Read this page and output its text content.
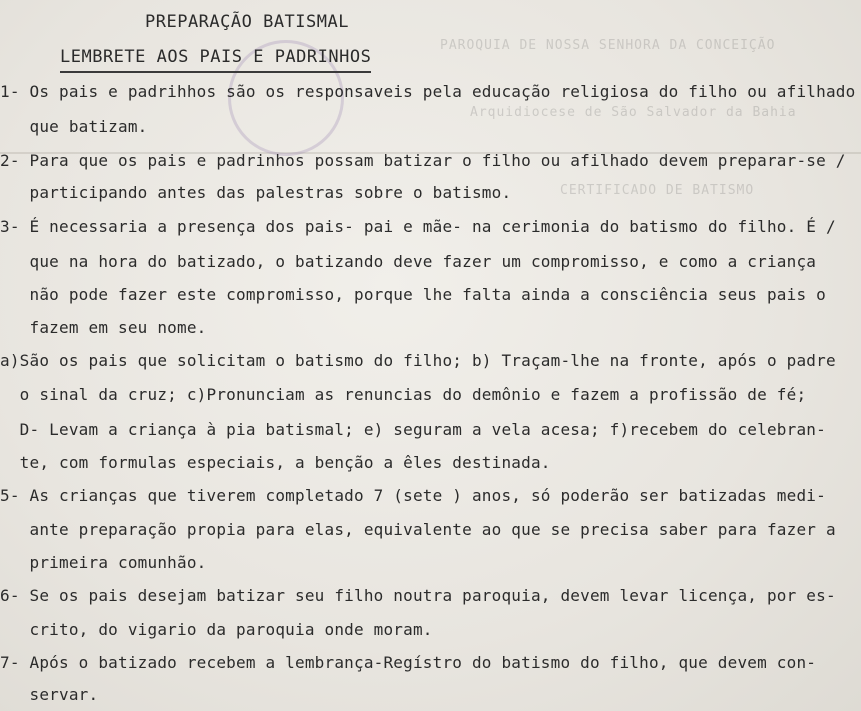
PAROQUIA DE NOSSA SENHORA DA CONCEIÇÃO
Arquidiocese de São Salvador da Bahia
CERTIFICADO DE BATISMO
PREPARAÇÃO BATISMAL
LEMBRETE AOS PAIS E PADRINHOS
1- Os pais e padrihhos são os responsaveis pela educação religiosa do filho ou afilhado
que batizam.
2- Para que os pais e padrinhos possam batizar o filho ou afilhado devem preparar-se /
participando antes das palestras sobre o batismo.
3- É necessaria a presença dos pais- pai e mãe- na cerimonia do batismo do filho. É /
que na hora do batizado, o batizando deve fazer um compromisso, e como a criança
não pode fazer este compromisso, porque lhe falta ainda a consciência seus pais o
fazem em seu nome.
a)São os pais que solicitam o batismo do filho; b) Traçam-lhe na fronte, após o padre
o sinal da cruz; c)Pronunciam as renuncias do demônio e fazem a profissão de fé;
D- Levam a criança à pia batismal; e) seguram a vela acesa; f)recebem do celebran-
te, com formulas especiais, a benção a êles destinada.
5- As crianças que tiverem completado 7 (sete ) anos, só poderão ser batizadas medi-
ante preparação propia para elas, equivalente ao que se precisa saber para fazer a
primeira comunhão.
6- Se os pais desejam batizar seu filho noutra paroquia, devem levar licença, por es-
crito, do vigario da paroquia onde moram.
7- Após o batizado recebem a lembrança-Regístro do batismo do filho, que devem con-
servar.
